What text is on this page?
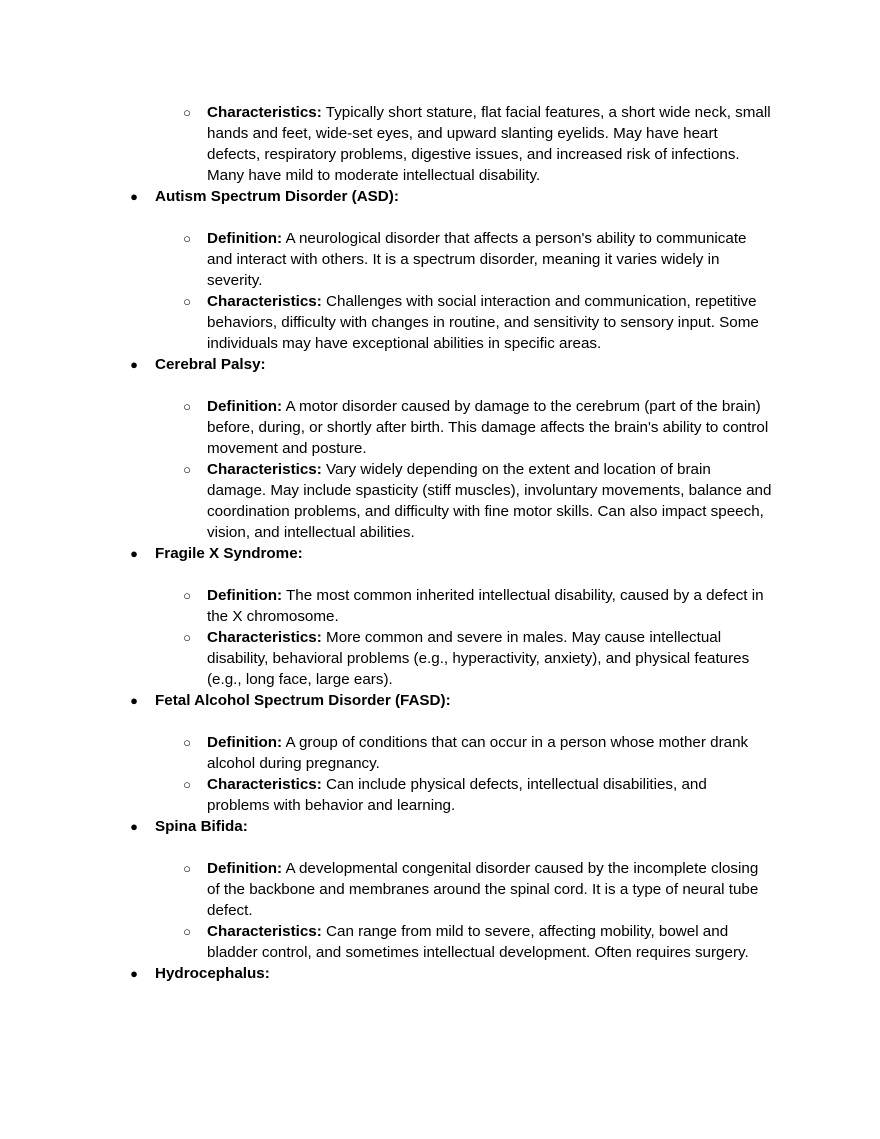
○ Characteristics: Typically short stature, flat facial features, a short wide neck, small hands and feet, wide-set eyes, and upward slanting eyelids. May have heart defects, respiratory problems, digestive issues, and increased risk of infections. Many have mild to moderate intellectual disability.
● Autism Spectrum Disorder (ASD):
○ Definition: A neurological disorder that affects a person's ability to communicate and interact with others. It is a spectrum disorder, meaning it varies widely in severity.
○ Characteristics: Challenges with social interaction and communication, repetitive behaviors, difficulty with changes in routine, and sensitivity to sensory input. Some individuals may have exceptional abilities in specific areas.
● Cerebral Palsy:
○ Definition: A motor disorder caused by damage to the cerebrum (part of the brain) before, during, or shortly after birth. This damage affects the brain's ability to control movement and posture.
○ Characteristics: Vary widely depending on the extent and location of brain damage. May include spasticity (stiff muscles), involuntary movements, balance and coordination problems, and difficulty with fine motor skills. Can also impact speech, vision, and intellectual abilities.
● Fragile X Syndrome:
○ Definition: The most common inherited intellectual disability, caused by a defect in the X chromosome.
○ Characteristics: More common and severe in males. May cause intellectual disability, behavioral problems (e.g., hyperactivity, anxiety), and physical features (e.g., long face, large ears).
● Fetal Alcohol Spectrum Disorder (FASD):
○ Definition: A group of conditions that can occur in a person whose mother drank alcohol during pregnancy.
○ Characteristics: Can include physical defects, intellectual disabilities, and problems with behavior and learning.
● Spina Bifida:
○ Definition: A developmental congenital disorder caused by the incomplete closing of the backbone and membranes around the spinal cord. It is a type of neural tube defect.
○ Characteristics: Can range from mild to severe, affecting mobility, bowel and bladder control, and sometimes intellectual development. Often requires surgery.
● Hydrocephalus:
